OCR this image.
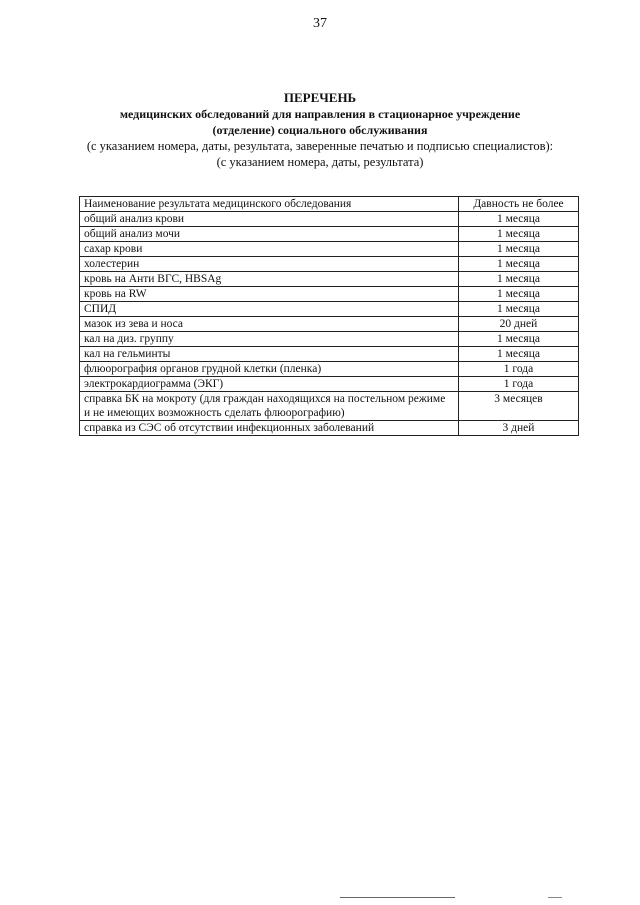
37
ПЕРЕЧЕНЬ
медицинских обследований для направления в стационарное учреждение
(отделение) социального обслуживания
(с указанием номера, даты, результата, заверенные печатью и подписью специалистов):
(с указанием номера, даты, результата)
Наименование результата медицинского обследования	Давность не более
общий анализ крови	1 месяца
общий анализ мочи	1 месяца
сахар крови	1 месяца
холестерин	1 месяца
кровь на Анти ВГС, HBSAg	1 месяца
кровь на RW	1 месяца
СПИД	1 месяца
мазок из зева и носа	20 дней
кал на диз. группу	1 месяца
кал на гельминты	1 месяца
флюорография органов грудной клетки (пленка)	1 года
электрокардиограмма (ЭКГ)	1 года
справка БК на мокроту (для граждан находящихся на постельном режиме и не имеющих возможность сделать флюорографию)	3 месяцев
справка из СЭС об отсутствии инфекционных заболеваний	3 дней
